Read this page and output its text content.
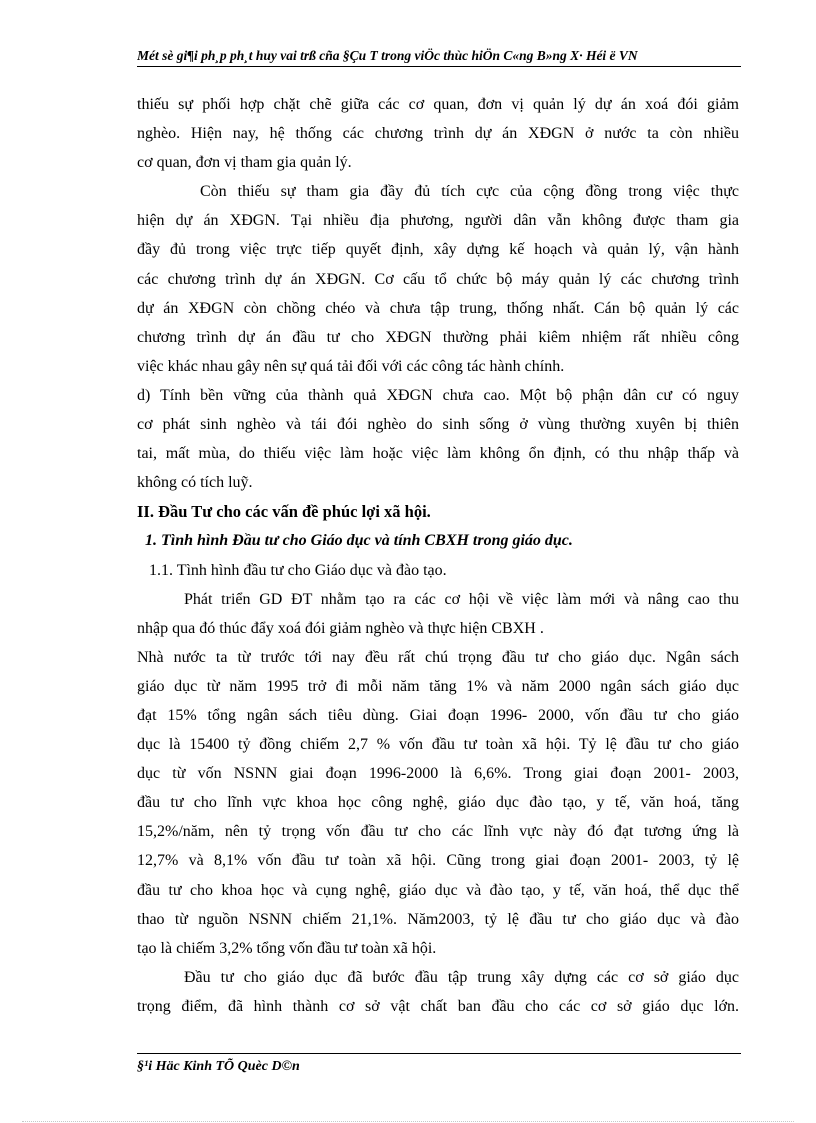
Mét sè gi¶i ph¸p ph¸t huy vai trß cña §Çu T trong viÖc thùc hiÖn C«ng B»ng X· Héi ë VN
thiếu sự phối hợp chặt chẽ giữa các cơ quan, đơn vị quản lý dự án xoá đói giảm
nghèo. Hiện nay, hệ thống các chương trình dự án XĐGN ở nước ta còn nhiều
cơ quan, đơn vị tham gia quản lý.
Còn thiếu sự tham gia đầy đủ tích cực của cộng đồng trong việc thực
hiện dự án XĐGN. Tại nhiều địa phương, người dân vẫn không được tham gia
đầy đủ trong việc trực tiếp quyết định, xây dựng kế hoạch và quản lý, vận hành
các chương trình dự án XĐGN. Cơ cấu tổ chức bộ máy quản lý các chương trình
dự án XĐGN còn chồng chéo và chưa tập trung, thống nhất. Cán bộ quản lý các
chương trình dự án đầu tư cho XĐGN thường phải kiêm nhiệm rất nhiều công
việc khác nhau gây nên sự quá tải đối với các công tác hành chính.
d) Tính bền vững của thành quả XĐGN chưa cao. Một bộ phận dân cư có nguy
cơ phát sinh nghèo và tái đói nghèo do sinh sống ở vùng thường xuyên bị thiên
tai, mất mùa, do thiếu việc làm hoặc việc làm không ổn định, có thu nhập thấp và
không có tích luỹ.
II. Đầu Tư cho các vấn đề phúc lợi xã hội.
1. Tình hình Đầu tư cho Giáo dục và tính CBXH trong giáo dục.
1.1. Tình hình đầu tư cho Giáo dục và đào tạo.
Phát triển GD ĐT nhằm tạo ra các cơ hội về việc làm mới và nâng cao thu
nhập qua đó thúc đẩy xoá đói giảm nghèo và thực hiện CBXH .
Nhà nước ta từ trước tới nay đều rất chú trọng đầu tư cho giáo dục. Ngân sách
giáo dục từ năm 1995 trở đi mỗi năm tăng 1% và năm 2000 ngân sách giáo dục
đạt 15% tổng ngân sách tiêu dùng. Giai đoạn 1996- 2000, vốn đầu tư cho giáo
dục là 15400 tỷ đồng chiếm 2,7 % vốn đầu tư toàn xã hội. Tỷ lệ đầu tư cho giáo
dục từ vốn NSNN giai đoạn 1996-2000 là 6,6%. Trong giai đoạn 2001- 2003,
đầu tư cho lĩnh vực khoa học công nghệ, giáo dục đào tạo, y tế, văn hoá, tăng
15,2%/năm, nên tỷ trọng vốn đầu tư cho các lĩnh vực này đó đạt tương ứng là
12,7% và 8,1% vốn đầu tư toàn xã hội. Cũng trong giai đoạn 2001- 2003, tỷ lệ
đầu tư cho khoa học và cụng nghệ, giáo dục và đào tạo, y tế, văn hoá, thể dục thể
thao từ nguồn NSNN chiếm 21,1%. Năm2003, tỷ lệ đầu tư cho giáo dục và đào
tạo là chiếm 3,2% tổng vốn đầu tư toàn xã hội.
Đầu tư cho giáo dục đã bước đầu tập trung xây dựng các cơ sở giáo dục
trọng điểm, đã hình thành cơ sở vật chất ban đầu cho các cơ sở giáo dục lớn.
§¹i Häc Kinh TÕ Quèc D©n
